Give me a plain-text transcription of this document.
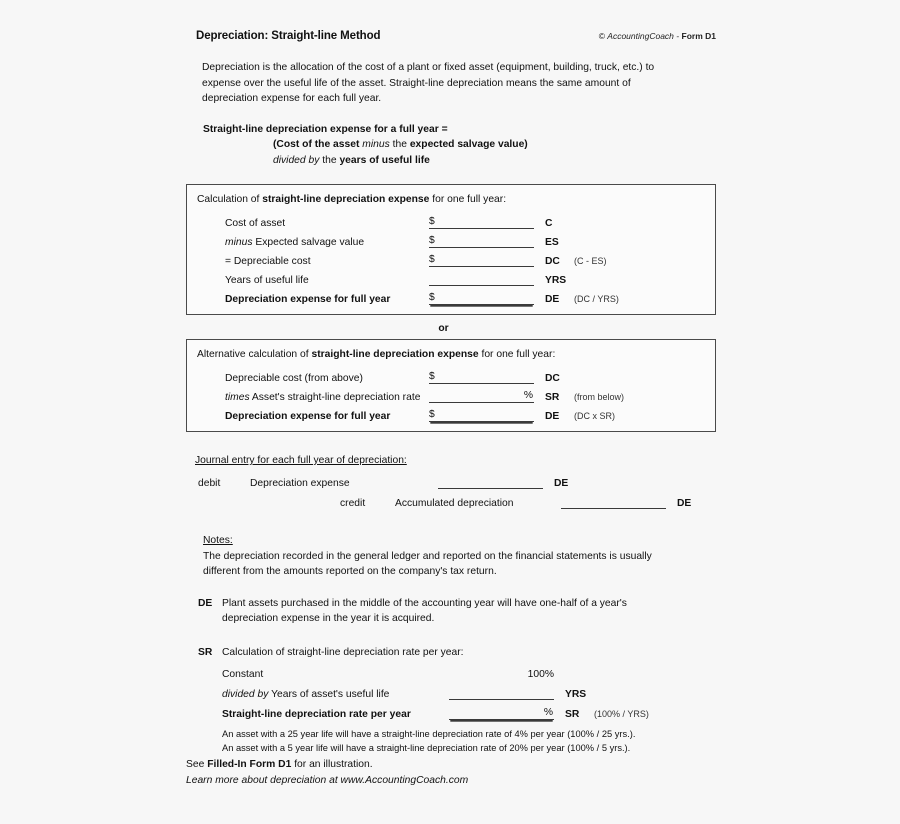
Depreciation: Straight-line Method	© AccountingCoach - Form D1
Depreciation is the allocation of the cost of a plant or fixed asset (equipment, building, truck, etc.) to expense over the useful life of the asset. Straight-line depreciation means the same amount of depreciation expense for each full year.
Straight-line depreciation expense for a full year =
(Cost of the asset minus the expected salvage value)
divided by the years of useful life
Calculation of straight-line depreciation expense for one full year:
Cost of asset	$	C
minus Expected salvage value	$	ES
= Depreciable cost	$	DC	(C - ES)
Years of useful life	YRS
Depreciation expense for full year	$	DE	(DC / YRS)
or
Alternative calculation of straight-line depreciation expense for one full year:
Depreciable cost (from above)	$	DC
times Asset's straight-line depreciation rate	%	SR	(from below)
Depreciation expense for full year	$	DE	(DC x SR)
Journal entry for each full year of depreciation:
debit	Depreciation expense	DE
credit	Accumulated depreciation	DE
Notes:
The depreciation recorded in the general ledger and reported on the financial statements is usually different from the amounts reported on the company's tax return.
DE Plant assets purchased in the middle of the accounting year will have one-half of a year's depreciation expense in the year it is acquired.
SR Calculation of straight-line depreciation rate per year:
Constant	100%
divided by Years of asset's useful life	YRS
Straight-line depreciation rate per year	%	SR	(100% / YRS)
An asset with a 25 year life will have a straight-line depreciation rate of 4% per year (100% / 25 yrs.).
An asset with a 5 year life will have a straight-line depreciation rate of 20% per year (100% / 5 yrs.).
See Filled-In Form D1 for an illustration.
Learn more about depreciation at www.AccountingCoach.com
